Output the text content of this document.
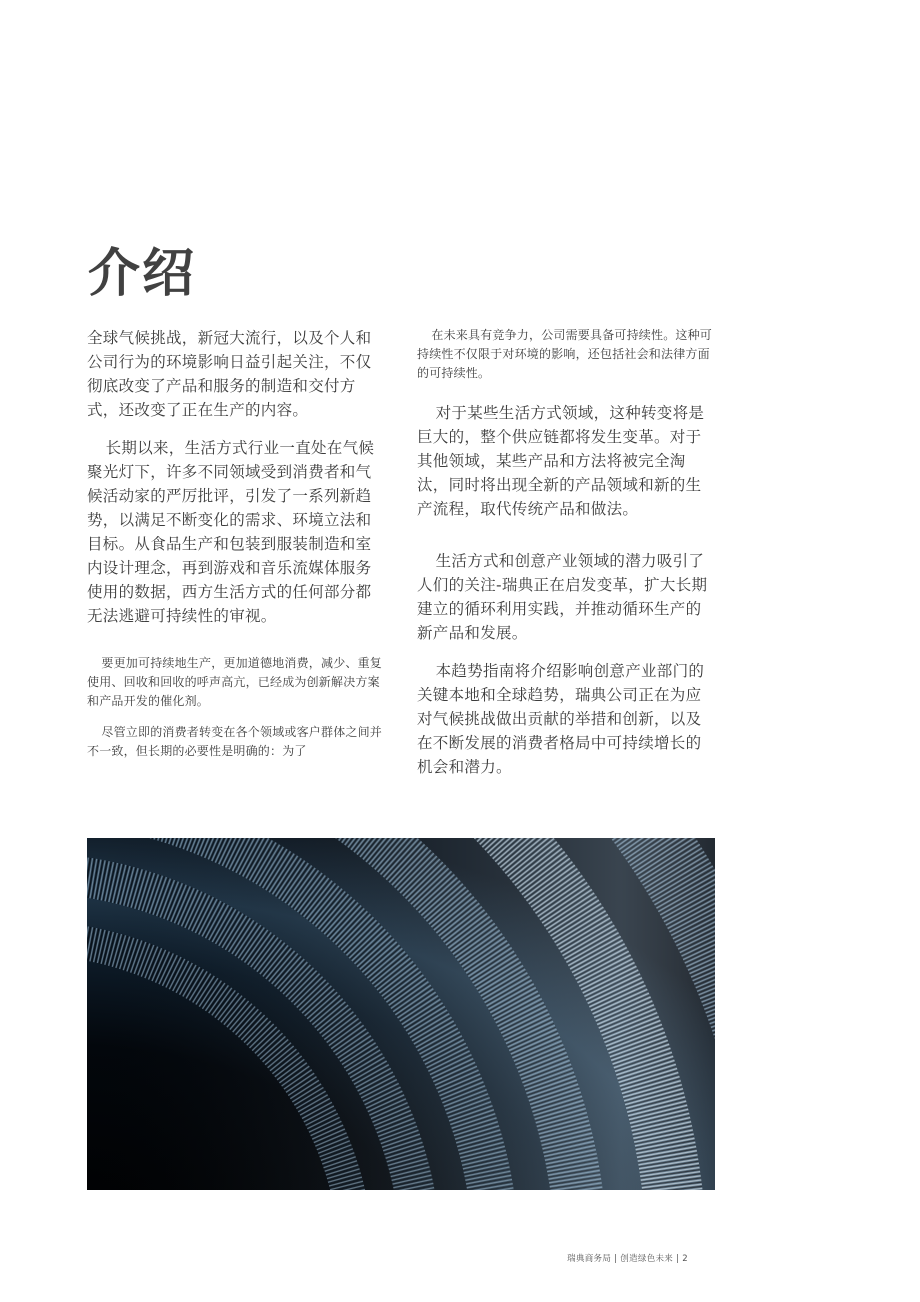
介绍

全球气候挑战，新冠大流行，以及个人和公司行为的环境影响日益引起关注，不仅彻底改变了产品和服务的制造和交付方式，还改变了正在生产的内容。

长期以来，生活方式行业一直处在气候聚光灯下，许多不同领域受到消费者和气候活动家的严厉批评，引发了一系列新趋势，以满足不断变化的需求、环境立法和目标。从食品生产和包装到服装制造和室内设计理念，再到游戏和音乐流媒体服务使用的数据，西方生活方式的任何部分都无法逃避可持续性的审视。

要更加可持续地生产，更加道德地消费，减少、重复使用、回收和回收的呼声高亢，已经成为创新解决方案和产品开发的催化剂。

尽管立即的消费者转变在各个领域或客户群体之间并不一致，但长期的必要性是明确的：为了

在未来具有竞争力，公司需要具备可持续性。这种可持续性不仅限于对环境的影响，还包括社会和法律方面的可持续性。

对于某些生活方式领域，这种转变将是巨大的，整个供应链都将发生变革。对于其他领域，某些产品和方法将被完全淘汰，同时将出现全新的产品领域和新的生产流程，取代传统产品和做法。

生活方式和创意产业领域的潜力吸引了人们的关注-瑞典正在启发变革，扩大长期建立的循环利用实践，并推动循环生产的新产品和发展。

本趋势指南将介绍影响创意产业部门的关键本地和全球趋势，瑞典公司正在为应对气候挑战做出贡献的举措和创新，以及在不断发展的消费者格局中可持续增长的机会和潜力。

瑞典商务局 | 创造绿色未来 | 2
